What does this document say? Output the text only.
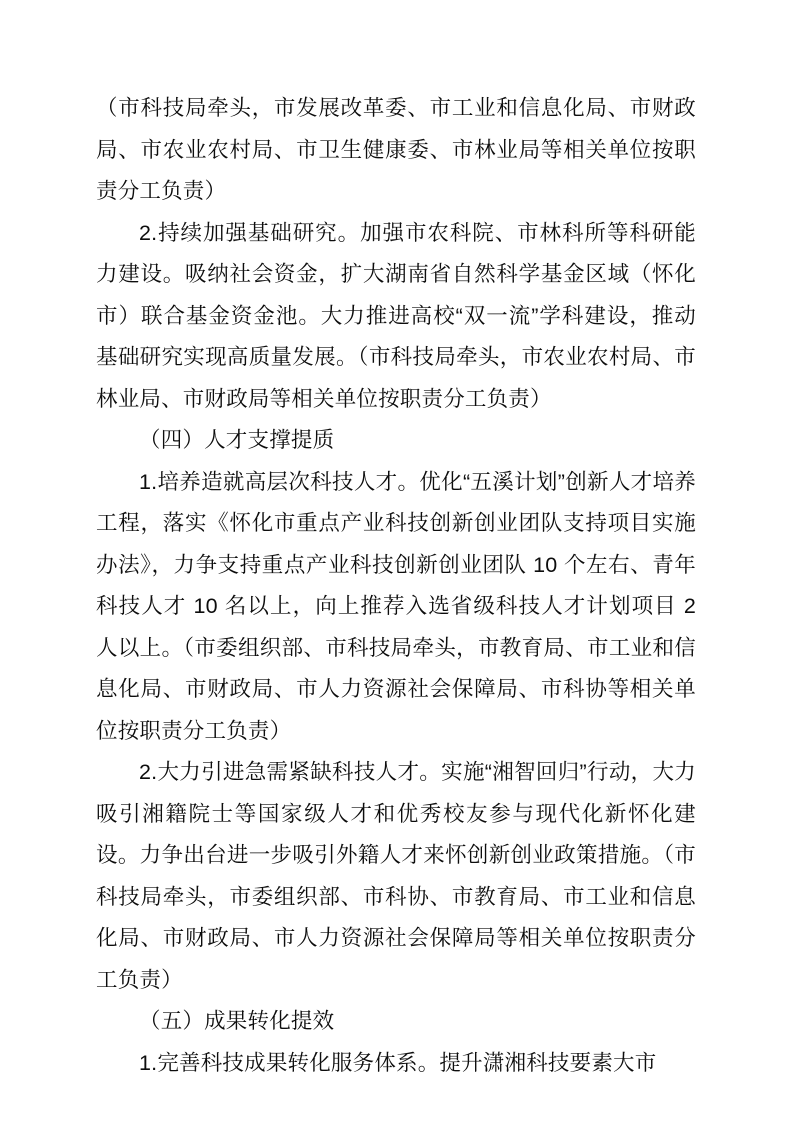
（市科技局牵头，市发展改革委、市工业和信息化局、市财政局、市农业农村局、市卫生健康委、市林业局等相关单位按职责分工负责）

2.持续加强基础研究。加强市农科院、市林科所等科研能力建设。吸纳社会资金，扩大湖南省自然科学基金区域（怀化市）联合基金资金池。大力推进高校“双一流”学科建设，推动基础研究实现高质量发展。（市科技局牵头，市农业农村局、市林业局、市财政局等相关单位按职责分工负责）

（四）人才支撑提质

1.培养造就高层次科技人才。优化“五溪计划”创新人才培养工程，落实《怀化市重点产业科技创新创业团队支持项目实施办法》，力争支持重点产业科技创新创业团队 10 个左右、青年科技人才 10 名以上，向上推荐入选省级科技人才计划项目 2 人以上。（市委组织部、市科技局牵头，市教育局、市工业和信息化局、市财政局、市人力资源社会保障局、市科协等相关单位按职责分工负责）

2.大力引进急需紧缺科技人才。实施“湘智回归”行动，大力吸引湘籍院士等国家级人才和优秀校友参与现代化新怀化建设。力争出台进一步吸引外籍人才来怀创新创业政策措施。（市科技局牵头，市委组织部、市科协、市教育局、市工业和信息化局、市财政局、市人力资源社会保障局等相关单位按职责分工负责）

（五）成果转化提效

1.完善科技成果转化服务体系。提升潇湘科技要素大市
